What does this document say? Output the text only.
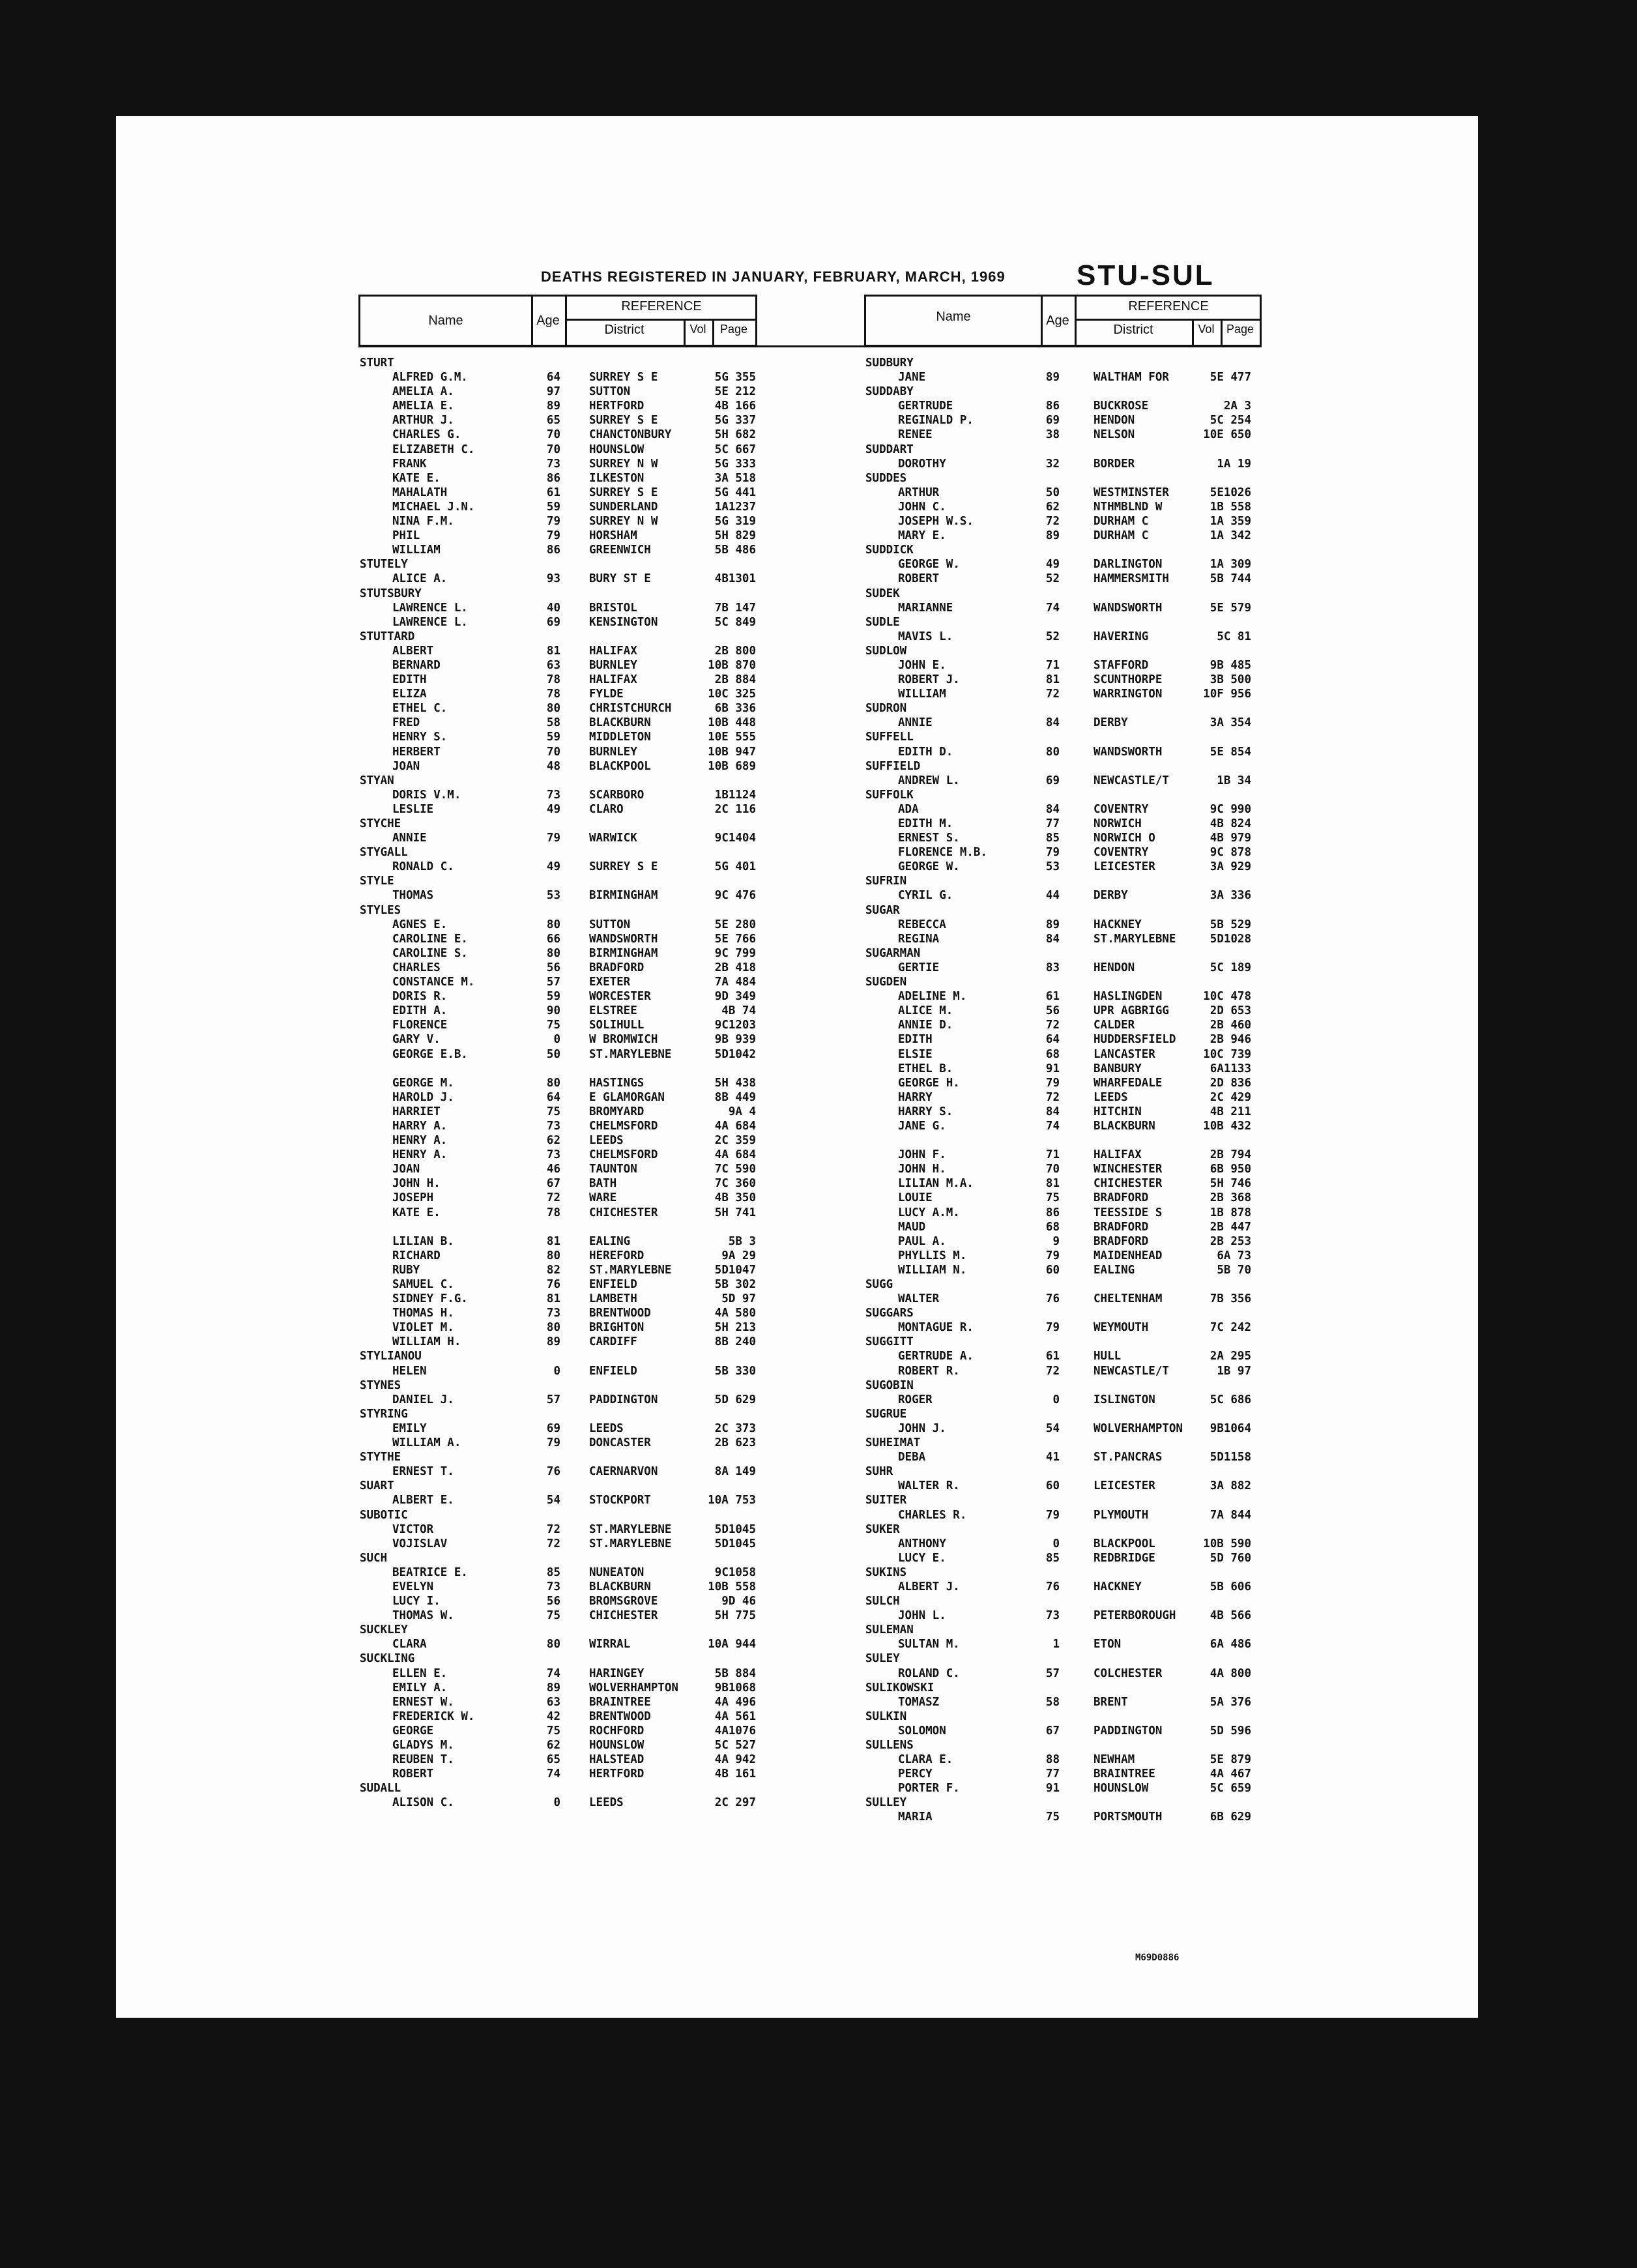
DEATHS REGISTERED IN JANUARY, FEBRUARY, MARCH, 1969 STU-SUL
Name	Age
REFERENCE
District	Vol	Page
Name	Age
REFERENCE
District	Vol	Page
STURT
ALFRED G.M.	64	SURREY S E	5G 355
AMELIA A.	97	SUTTON	5E 212
AMELIA E.	89	HERTFORD	4B 166
ARTHUR J.	65	SURREY S E	5G 337
CHARLES G.	70	CHANCTONBURY	5H 682
ELIZABETH C.	70	HOUNSLOW	5C 667
FRANK	73	SURREY N W	5G 333
KATE E.	86	ILKESTON	3A 518
MAHALATH	61	SURREY S E	5G 441
MICHAEL J.N.	59	SUNDERLAND	1A1237
NINA F.M.	79	SURREY N W	5G 319
PHIL	79	HORSHAM	5H 829
WILLIAM	86	GREENWICH	5B 486
STUTELY
ALICE A.	93	BURY ST E	4B1301
STUTSBURY
LAWRENCE L.	40	BRISTOL	7B 147
LAWRENCE L.	69	KENSINGTON	5C 849
STUTTARD
ALBERT	81	HALIFAX	2B 800
BERNARD	63	BURNLEY	10B 870
EDITH	78	HALIFAX	2B 884
ELIZA	78	FYLDE	10C 325
ETHEL C.	80	CHRISTCHURCH	6B 336
FRED	58	BLACKBURN	10B 448
HENRY S.	59	MIDDLETON	10E 555
HERBERT	70	BURNLEY	10B 947
JOAN	48	BLACKPOOL	10B 689
STYAN
DORIS V.M.	73	SCARBORO	1B1124
LESLIE	49	CLARO	2C 116
STYCHE
ANNIE	79	WARWICK	9C1404
STYGALL
RONALD C.	49	SURREY S E	5G 401
STYLE
THOMAS	53	BIRMINGHAM	9C 476
STYLES
AGNES E.	80	SUTTON	5E 280
CAROLINE E.	66	WANDSWORTH	5E 766
CAROLINE S.	80	BIRMINGHAM	9C 799
CHARLES	56	BRADFORD	2B 418
CONSTANCE M.	57	EXETER	7A 484
DORIS R.	59	WORCESTER	9D 349
EDITH A.	90	ELSTREE	4B 74
FLORENCE	75	SOLIHULL	9C1203
GARY V.	0	W BROMWICH	9B 939
GEORGE E.B.	50	ST.MARYLEBNE	5D1042
GEORGE M.	80	HASTINGS	5H 438
HAROLD J.	64	E GLAMORGAN	8B 449
HARRIET	75	BROMYARD	9A 4
HARRY A.	73	CHELMSFORD	4A 684
HENRY A.	62	LEEDS	2C 359
HENRY A.	73	CHELMSFORD	4A 684
JOAN	46	TAUNTON	7C 590
JOHN H.	67	BATH	7C 360
JOSEPH	72	WARE	4B 350
KATE E.	78	CHICHESTER	5H 741
LILIAN B.	81	EALING	5B 3
RICHARD	80	HEREFORD	9A 29
RUBY	82	ST.MARYLEBNE	5D1047
SAMUEL C.	76	ENFIELD	5B 302
SIDNEY F.G.	81	LAMBETH	5D 97
THOMAS H.	73	BRENTWOOD	4A 580
VIOLET M.	80	BRIGHTON	5H 213
WILLIAM H.	89	CARDIFF	8B 240
STYLIANOU
HELEN	0	ENFIELD	5B 330
STYNES
DANIEL J.	57	PADDINGTON	5D 629
STYRING
EMILY	69	LEEDS	2C 373
WILLIAM A.	79	DONCASTER	2B 623
STYTHE
ERNEST T.	76	CAERNARVON	8A 149
SUART
ALBERT E.	54	STOCKPORT	10A 753
SUBOTIC
VICTOR	72	ST.MARYLEBNE	5D1045
VOJISLAV	72	ST.MARYLEBNE	5D1045
SUCH
BEATRICE E.	85	NUNEATON	9C1058
EVELYN	73	BLACKBURN	10B 558
LUCY I.	56	BROMSGROVE	9D 46
THOMAS W.	75	CHICHESTER	5H 775
SUCKLEY
CLARA	80	WIRRAL	10A 944
SUCKLING
ELLEN E.	74	HARINGEY	5B 884
EMILY A.	89	WOLVERHAMPTON	9B1068
ERNEST W.	63	BRAINTREE	4A 496
FREDERICK W.	42	BRENTWOOD	4A 561
GEORGE	75	ROCHFORD	4A1076
GLADYS M.	62	HOUNSLOW	5C 527
REUBEN T.	65	HALSTEAD	4A 942
ROBERT	74	HERTFORD	4B 161
SUDALL
ALISON C.	0	LEEDS	2C 297
SUDBURY
JANE	89	WALTHAM FOR	5E 477
SUDDABY
GERTRUDE	86	BUCKROSE	2A 3
REGINALD P.	69	HENDON	5C 254
RENEE	38	NELSON	10E 650
SUDDART
DOROTHY	32	BORDER	1A 19
SUDDES
ARTHUR	50	WESTMINSTER	5E1026
JOHN C.	62	NTHMBLND W	1B 558
JOSEPH W.S.	72	DURHAM C	1A 359
MARY E.	89	DURHAM C	1A 342
SUDDICK
GEORGE W.	49	DARLINGTON	1A 309
ROBERT	52	HAMMERSMITH	5B 744
SUDEK
MARIANNE	74	WANDSWORTH	5E 579
SUDLE
MAVIS L.	52	HAVERING	5C 81
SUDLOW
JOHN E.	71	STAFFORD	9B 485
ROBERT J.	81	SCUNTHORPE	3B 500
WILLIAM	72	WARRINGTON	10F 956
SUDRON
ANNIE	84	DERBY	3A 354
SUFFELL
EDITH D.	80	WANDSWORTH	5E 854
SUFFIELD
ANDREW L.	69	NEWCASTLE/T	1B 34
SUFFOLK
ADA	84	COVENTRY	9C 990
EDITH M.	77	NORWICH	4B 824
ERNEST S.	85	NORWICH O	4B 979
FLORENCE M.B.	79	COVENTRY	9C 878
GEORGE W.	53	LEICESTER	3A 929
SUFRIN
CYRIL G.	44	DERBY	3A 336
SUGAR
REBECCA	89	HACKNEY	5B 529
REGINA	84	ST.MARYLEBNE	5D1028
SUGARMAN
GERTIE	83	HENDON	5C 189
SUGDEN
ADELINE M.	61	HASLINGDEN	10C 478
ALICE M.	56	UPR AGBRIGG	2D 653
ANNIE D.	72	CALDER	2B 460
EDITH	64	HUDDERSFIELD	2B 946
ELSIE	68	LANCASTER	10C 739
ETHEL B.	91	BANBURY	6A1133
GEORGE H.	79	WHARFEDALE	2D 836
HARRY	72	LEEDS	2C 429
HARRY S.	84	HITCHIN	4B 211
JANE G.	74	BLACKBURN	10B 432
JOHN F.	71	HALIFAX	2B 794
JOHN H.	70	WINCHESTER	6B 950
LILIAN M.A.	81	CHICHESTER	5H 746
LOUIE	75	BRADFORD	2B 368
LUCY A.M.	86	TEESSIDE S	1B 878
MAUD	68	BRADFORD	2B 447
PAUL A.	9	BRADFORD	2B 253
PHYLLIS M.	79	MAIDENHEAD	6A 73
WILLIAM N.	60	EALING	5B 70
SUGG
WALTER	76	CHELTENHAM	7B 356
SUGGARS
MONTAGUE R.	79	WEYMOUTH	7C 242
SUGGITT
GERTRUDE A.	61	HULL	2A 295
ROBERT R.	72	NEWCASTLE/T	1B 97
SUGOBIN
ROGER	0	ISLINGTON	5C 686
SUGRUE
JOHN J.	54	WOLVERHAMPTON	9B1064
SUHEIMAT
DEBA	41	ST.PANCRAS	5D1158
SUHR
WALTER R.	60	LEICESTER	3A 882
SUITER
CHARLES R.	79	PLYMOUTH	7A 844
SUKER
ANTHONY	0	BLACKPOOL	10B 590
LUCY E.	85	REDBRIDGE	5D 760
SUKINS
ALBERT J.	76	HACKNEY	5B 606
SULCH
JOHN L.	73	PETERBOROUGH	4B 566
SULEMAN
SULTAN M.	1	ETON	6A 486
SULEY
ROLAND C.	57	COLCHESTER	4A 800
SULIKOWSKI
TOMASZ	58	BRENT	5A 376
SULKIN
SOLOMON	67	PADDINGTON	5D 596
SULLENS
CLARA E.	88	NEWHAM	5E 879
PERCY	77	BRAINTREE	4A 467
PORTER F.	91	HOUNSLOW	5C 659
SULLEY
MARIA	75	PORTSMOUTH	6B 629
M69D0886
